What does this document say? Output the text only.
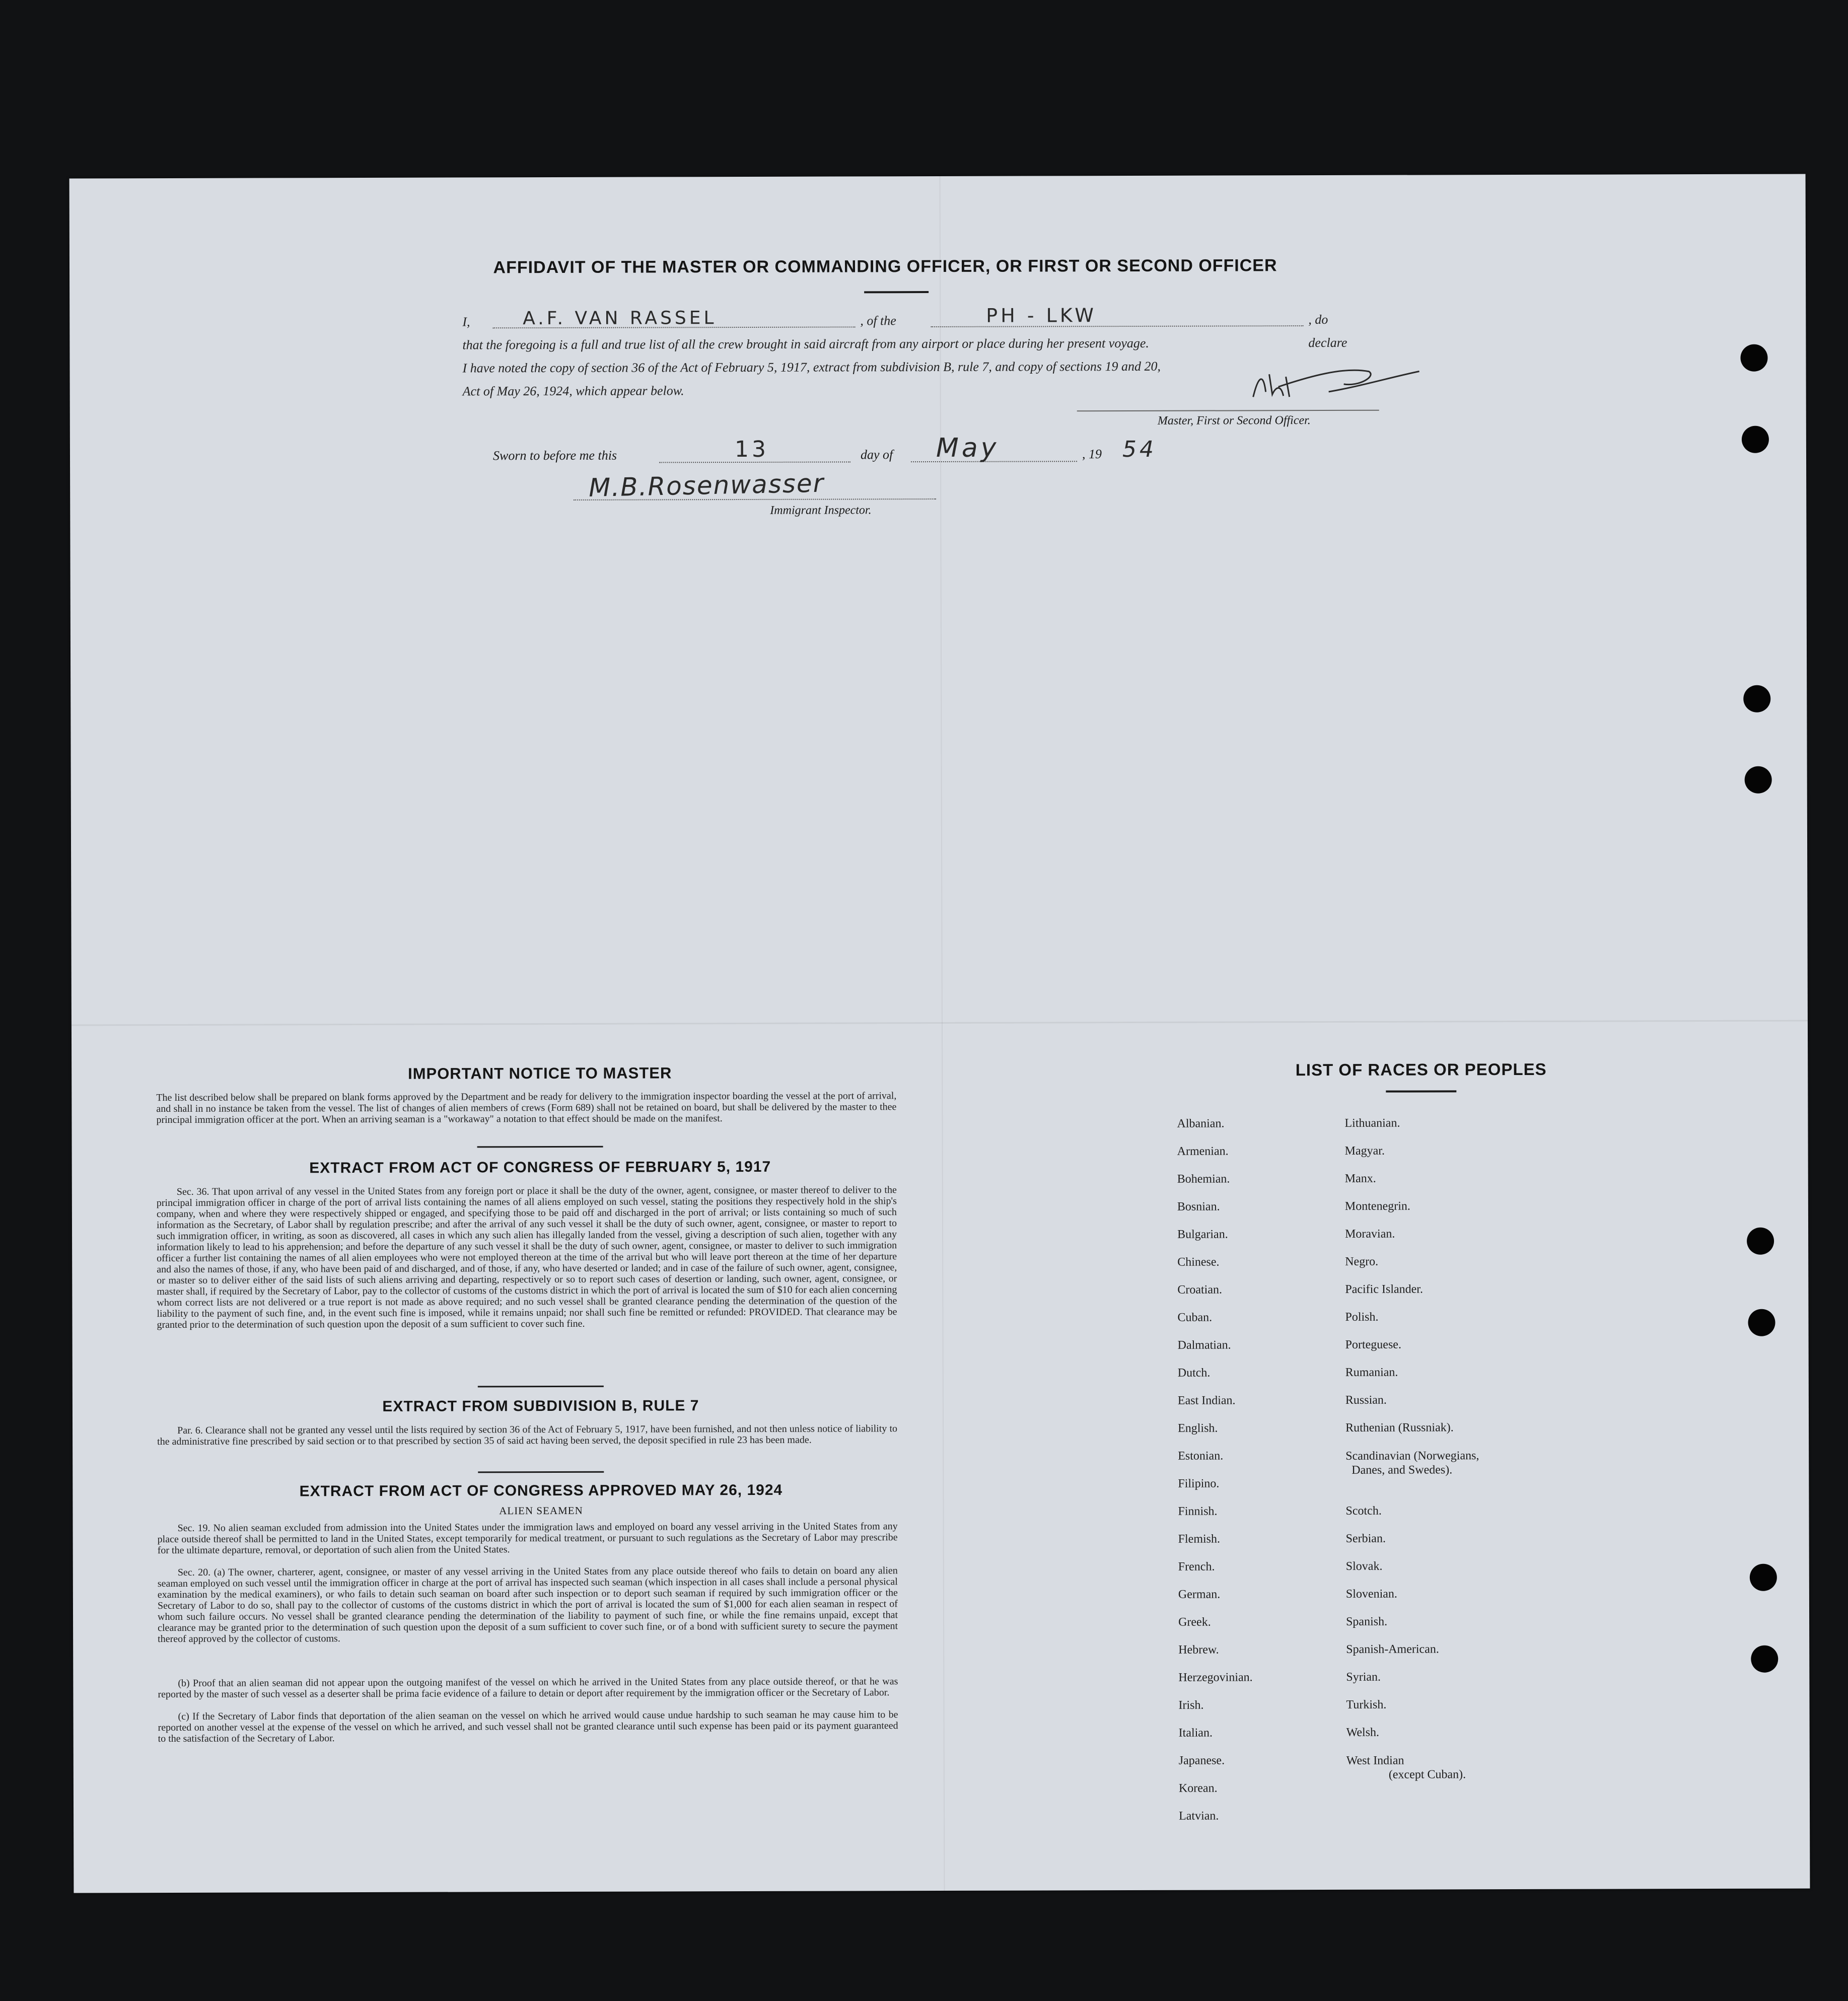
AFFIDAVIT OF THE MASTER OR COMMANDING OFFICER, OR FIRST OR SECOND OFFICER
I,	A.F. VAN RASSEL	, of the	PH - LKW	, do declare
that the foregoing is a full and true list of all the crew brought in said aircraft from any airport or place during her present voyage.
I have noted the copy of section 36 of the Act of February 5, 1917, extract from subdivision B, rule 7, and copy of sections 19 and 20,
Act of May 26, 1924, which appear below.
Master, First or Second Officer.
Sworn to before me this	13	day of May	, 19 54
M.B.Rosenwasser
Immigrant Inspector.
IMPORTANT NOTICE TO MASTER
The list described below shall be prepared on blank forms approved by the Department and be ready for delivery to the immigration inspector boarding the vessel at the port of arrival, and shall in no instance be taken from the vessel. The list of changes of alien members of crews (Form 689) shall not be retained on board, but shall be delivered by the master to thee principal immigration officer at the port. When an arriving seaman is a "workaway" a notation to that effect should be made on the manifest.
EXTRACT FROM ACT OF CONGRESS OF FEBRUARY 5, 1917
Sec. 36. That upon arrival of any vessel in the United States from any foreign port or place it shall be the duty of the owner, agent, consignee, or master thereof to deliver to the principal immigration officer in charge of the port of arrival lists containing the names of all aliens employed on such vessel, stating the positions they respectively hold in the ship's company, when and where they were respectively shipped or engaged, and specifying those to be paid off and discharged in the port of arrival; or lists containing so much of such information as the Secretary, of Labor shall by regulation prescribe; and after the arrival of any such vessel it shall be the duty of such owner, agent, consignee, or master to report to such immigration officer, in writing, as soon as discovered, all cases in which any such alien has illegally landed from the vessel, giving a description of such alien, together with any information likely to lead to his apprehension; and before the departure of any such vessel it shall be the duty of such owner, agent, consignee, or master to deliver to such immigration officer a further list containing the names of all alien employees who were not employed thereon at the time of the arrival but who will leave port thereon at the time of her departure and also the names of those, if any, who have been paid of and discharged, and of those, if any, who have deserted or landed; and in case of the failure of such owner, agent, consignee, or master so to deliver either of the said lists of such aliens arriving and departing, respectively or so to report such cases of desertion or landing, such owner, agent, consignee, or master shall, if required by the Secretary of Labor, pay to the collector of customs of the customs district in which the port of arrival is located the sum of $10 for each alien concerning whom correct lists are not delivered or a true report is not made as above required; and no such vessel shall be granted clearance pending the determination of the question of the liability to the payment of such fine, and, in the event such fine is imposed, while it remains unpaid; nor shall such fine be remitted or refunded: PROVIDED. That clearance may be granted prior to the determination of such question upon the deposit of a sum sufficient to cover such fine.
EXTRACT FROM SUBDIVISION B, RULE 7
Par. 6. Clearance shall not be granted any vessel until the lists required by section 36 of the Act of February 5, 1917, have been furnished, and not then unless notice of liability to the administrative fine prescribed by said section or to that prescribed by section 35 of said act having been served, the deposit specified in rule 23 has been made.
EXTRACT FROM ACT OF CONGRESS APPROVED MAY 26, 1924
ALIEN SEAMEN
Sec. 19. No alien seaman excluded from admission into the United States under the immigration laws and employed on board any vessel arriving in the United States from any place outside thereof shall be permitted to land in the United States, except temporarily for medical treatment, or pursuant to such regulations as the Secretary of Labor may prescribe for the ultimate departure, removal, or deportation of such alien from the United States.
Sec. 20. (a) The owner, charterer, agent, consignee, or master of any vessel arriving in the United States from any place outside thereof who fails to detain on board any alien seaman employed on such vessel until the immigration officer in charge at the port of arrival has inspected such seaman (which inspection in all cases shall include a personal physical examination by the medical examiners), or who fails to detain such seaman on board after such inspection or to deport such seaman if required by such immigration officer or the Secretary of Labor to do so, shall pay to the collector of customs of the customs district in which the port of arrival is located the sum of $1,000 for each alien seaman in respect of whom such failure occurs. No vessel shall be granted clearance pending the determination of the liability to payment of such fine, or while the fine remains unpaid, except that clearance may be granted prior to the determination of such question upon the deposit of a sum sufficient to cover such fine, or of a bond with sufficient surety to secure the payment thereof approved by the collector of customs.
(b) Proof that an alien seaman did not appear upon the outgoing manifest of the vessel on which he arrived in the United States from any place outside thereof, or that he was reported by the master of such vessel as a deserter shall be prima facie evidence of a failure to detain or deport after requirement by the immigration officer or the Secretary of Labor.
(c) If the Secretary of Labor finds that deportation of the alien seaman on the vessel on which he arrived would cause undue hardship to such seaman he may cause him to be reported on another vessel at the expense of the vessel on which he arrived, and such vessel shall not be granted clearance until such expense has been paid or its payment guaranteed to the satisfaction of the Secretary of Labor.
LIST OF RACES OR PEOPLES
Albanian.
Armenian.
Bohemian.
Bosnian.
Bulgarian.
Chinese.
Croatian.
Cuban.
Dalmatian.
Dutch.
East Indian.
English.
Estonian.
Filipino.
Finnish.
Flemish.
French.
German.
Greek.
Hebrew.
Herzegovinian.
Irish.
Italian.
Japanese.
Korean.
Latvian.
Lithuanian.
Magyar.
Manx.
Montenegrin.
Moravian.
Negro.
Pacific Islander.
Polish.
Porteguese.
Rumanian.
Russian.
Ruthenian (Russniak).
Scandinavian (Norwegians,
Danes, and Swedes).
Scotch.
Serbian.
Slovak.
Slovenian.
Spanish.
Spanish-American.
Syrian.
Turkish.
Welsh.
West Indian
(except Cuban).
